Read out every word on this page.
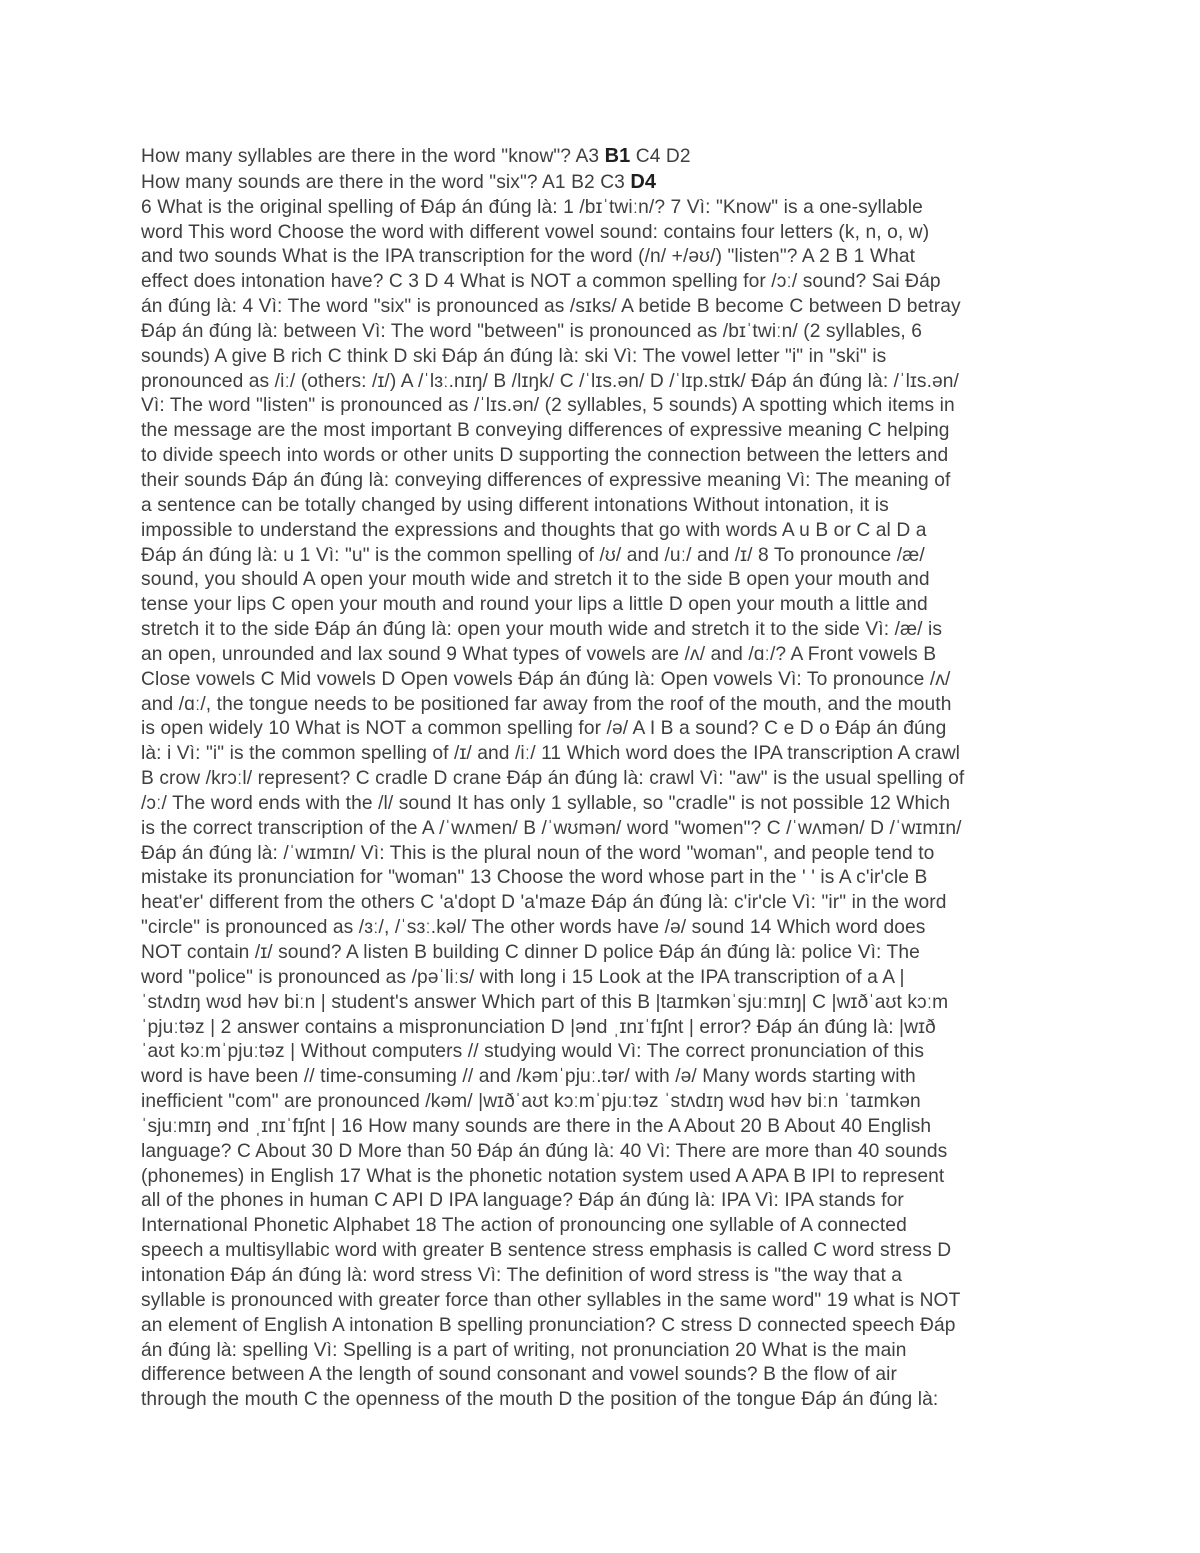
How many syllables are there in the word "know"? A3 B1 C4 D2
How many sounds are there in the word "six"? A1 B2 C3 D4
6 What is the original spelling of Đáp án đúng là: 1 /bɪˈtwiːn/? 7 Vì: "Know" is a one-syllable
word This word Choose the word with different vowel sound: contains four letters (k, n, o, w)
and two sounds What is the IPA transcription for the word (/n/ +/əʊ/) "listen"? A 2 B 1 What
effect does intonation have? C 3 D 4 What is NOT a common spelling for /ɔː/ sound? Sai Đáp
án đúng là: 4 Vì: The word "six" is pronounced as /sɪks/ A betide B become C between D betray
Đáp án đúng là: between Vì: The word "between" is pronounced as /bɪˈtwiːn/ (2 syllables, 6
sounds) A give B rich C think D ski Đáp án đúng là: ski Vì: The vowel letter "i" in "ski" is
pronounced as /iː/ (others: /ɪ/) A /ˈlɜː.nɪŋ/ B /lɪŋk/ C /ˈlɪs.ən/ D /ˈlɪp.stɪk/ Đáp án đúng là: /ˈlɪs.ən/
Vì: The word "listen" is pronounced as /ˈlɪs.ən/ (2 syllables, 5 sounds) A spotting which items in
the message are the most important B conveying differences of expressive meaning C helping
to divide speech into words or other units D supporting the connection between the letters and
their sounds Đáp án đúng là: conveying differences of expressive meaning Vì: The meaning of
a sentence can be totally changed by using different intonations Without intonation, it is
impossible to understand the expressions and thoughts that go with words A u B or C al D a
Đáp án đúng là: u 1 Vì: "u" is the common spelling of /ʊ/ and /uː/ and /ɪ/ 8 To pronounce /æ/
sound, you should A open your mouth wide and stretch it to the side B open your mouth and
tense your lips C open your mouth and round your lips a little D open your mouth a little and
stretch it to the side Đáp án đúng là: open your mouth wide and stretch it to the side Vì: /æ/ is
an open, unrounded and lax sound 9 What types of vowels are /ʌ/ and /ɑː/? A Front vowels B
Close vowels C Mid vowels D Open vowels Đáp án đúng là: Open vowels Vì: To pronounce /ʌ/
and /ɑː/, the tongue needs to be positioned far away from the roof of the mouth, and the mouth
is open widely 10 What is NOT a common spelling for /ə/ A I B a sound? C e D o Đáp án đúng
là: i Vì: "i" is the common spelling of /ɪ/ and /iː/ 11 Which word does the IPA transcription A crawl
B crow /krɔːl/ represent? C cradle D crane Đáp án đúng là: crawl Vì: "aw" is the usual spelling of
/ɔː/ The word ends with the /l/ sound It has only 1 syllable, so "cradle" is not possible 12 Which
is the correct transcription of the A /ˈwʌmen/ B /ˈwʊmən/ word "women"? C /ˈwʌmən/ D /ˈwɪmɪn/
Đáp án đúng là: /ˈwɪmɪn/ Vì: This is the plural noun of the word "woman", and people tend to
mistake its pronunciation for "woman" 13 Choose the word whose part in the ' ' is A c'ir'cle B
heat'er' different from the others C 'a'dopt D 'a'maze Đáp án đúng là: c'ir'cle Vì: "ir" in the word
"circle" is pronounced as /ɜː/, /ˈsɜː.kəl/ The other words have /ə/ sound 14 Which word does
NOT contain /ɪ/ sound? A listen B building C dinner D police Đáp án đúng là: police Vì: The
word "police" is pronounced as /pəˈliːs/ with long i 15 Look at the IPA transcription of a A |
ˈstʌdɪŋ wʊd həv biːn | student's answer Which part of this B |taɪmkənˈsjuːmɪŋ| C |wɪðˈaʊt kɔːm
ˈpjuːtəz | 2 answer contains a mispronunciation D |ənd ˌɪnɪˈfɪʃnt | error? Đáp án đúng là: |wɪð
ˈaʊt kɔːmˈpjuːtəz | Without computers // studying would Vì: The correct pronunciation of this
word is have been // time-consuming // and /kəmˈpjuː.tər/ with /ə/ Many words starting with
inefficient "com" are pronounced /kəm/ |wɪðˈaʊt kɔːmˈpjuːtəz ˈstʌdɪŋ wʊd həv biːn ˈtaɪmkən
ˈsjuːmɪŋ ənd ˌɪnɪˈfɪʃnt | 16 How many sounds are there in the A About 20 B About 40 English
language? C About 30 D More than 50 Đáp án đúng là: 40 Vì: There are more than 40 sounds
(phonemes) in English 17 What is the phonetic notation system used A APA B IPI to represent
all of the phones in human C API D IPA language? Đáp án đúng là: IPA Vì: IPA stands for
International Phonetic Alphabet 18 The action of pronouncing one syllable of A connected
speech a multisyllabic word with greater B sentence stress emphasis is called C word stress D
intonation Đáp án đúng là: word stress Vì: The definition of word stress is "the way that a
syllable is pronounced with greater force than other syllables in the same word" 19 what is NOT
an element of English A intonation B spelling pronunciation? C stress D connected speech Đáp
án đúng là: spelling Vì: Spelling is a part of writing, not pronunciation 20 What is the main
difference between A the length of sound consonant and vowel sounds? B the flow of air
through the mouth C the openness of the mouth D the position of the tongue Đáp án đúng là:
